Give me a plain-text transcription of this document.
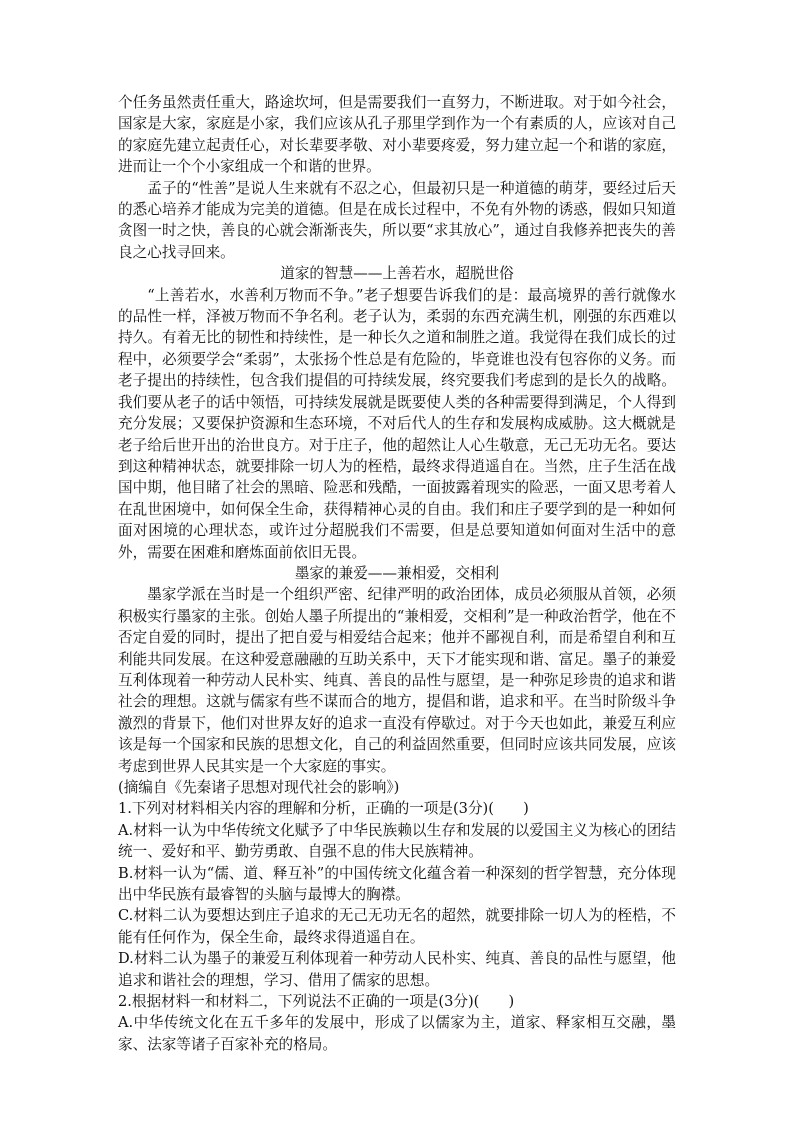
个任务虽然责任重大，路途坎坷，但是需要我们一直努力，不断进取。对于如今社会，国家是大家，家庭是小家，我们应该从孔子那里学到作为一个有素质的人，应该对自己的家庭先建立起责任心，对长辈要孝敬、对小辈要疼爱，努力建立起一个和谐的家庭，进而让一个个小家组成一个和谐的世界。

孟子的“性善”是说人生来就有不忍之心，但最初只是一种道德的萌芽，要经过后天的悉心培养才能成为完美的道德。但是在成长过程中，不免有外物的诱惑，假如只知道贪图一时之快，善良的心就会渐渐丧失，所以要“求其放心”，通过自我修养把丧失的善良之心找寻回来。

道家的智慧——上善若水，超脱世俗

“上善若水，水善利万物而不争。”老子想要告诉我们的是：最高境界的善行就像水的品性一样，泽被万物而不争名利。老子认为，柔弱的东西充满生机，刚强的东西难以持久。有着无比的韧性和持续性，是一种长久之道和制胜之道。我觉得在我们成长的过程中，必须要学会“柔弱”，太张扬个性总是有危险的，毕竟谁也没有包容你的义务。而老子提出的持续性，包含我们提倡的可持续发展，终究要我们考虑到的是长久的战略。我们要从老子的话中领悟，可持续发展就是既要使人类的各种需要得到满足，个人得到充分发展；又要保护资源和生态环境，不对后代人的生存和发展构成威胁。这大概就是老子给后世开出的治世良方。对于庄子，他的超然让人心生敬意，无己无功无名。要达到这种精神状态，就要排除一切人为的桎梏，最终求得逍遥自在。当然，庄子生活在战国中期，他目睹了社会的黑暗、险恶和残酷，一面披露着现实的险恶，一面又思考着人在乱世困境中，如何保全生命，获得精神心灵的自由。我们和庄子要学到的是一种如何面对困境的心理状态，或许过分超脱我们不需要，但是总要知道如何面对生活中的意外，需要在困难和磨炼面前依旧无畏。

墨家的兼爱——兼相爱，交相利

墨家学派在当时是一个组织严密、纪律严明的政治团体，成员必须服从首领，必须积极实行墨家的主张。创始人墨子所提出的“兼相爱，交相利”是一种政治哲学，他在不否定自爱的同时，提出了把自爱与相爱结合起来；他并不鄙视自利，而是希望自利和互利能共同发展。在这种爱意融融的互助关系中，天下才能实现和谐、富足。墨子的兼爱互利体现着一种劳动人民朴实、纯真、善良的品性与愿望，是一种弥足珍贵的追求和谐社会的理想。这就与儒家有些不谋而合的地方，提倡和谐，追求和平。在当时阶级斗争激烈的背景下，他们对世界友好的追求一直没有停歇过。对于今天也如此，兼爱互利应该是每一个国家和民族的思想文化，自己的利益固然重要，但同时应该共同发展，应该考虑到世界人民其实是一个大家庭的事实。

(摘编自《先秦诸子思想对现代社会的影响》)

1.下列对材料相关内容的理解和分析，正确的一项是(3分)(　　)

A.材料一认为中华传统文化赋予了中华民族赖以生存和发展的以爱国主义为核心的团结统一、爱好和平、勤劳勇敢、自强不息的伟大民族精神。

B.材料一认为“儒、道、释互补”的中国传统文化蕴含着一种深刻的哲学智慧，充分体现出中华民族有最睿智的头脑与最博大的胸襟。

C.材料二认为要想达到庄子追求的无己无功无名的超然，就要排除一切人为的桎梏，不能有任何作为，保全生命，最终求得逍遥自在。

D.材料二认为墨子的兼爱互利体现着一种劳动人民朴实、纯真、善良的品性与愿望，他追求和谐社会的理想，学习、借用了儒家的思想。

2.根据材料一和材料二，下列说法不正确的一项是(3分)(　　)

A.中华传统文化在五千多年的发展中，形成了以儒家为主，道家、释家相互交融，墨家、法家等诸子百家补充的格局。
